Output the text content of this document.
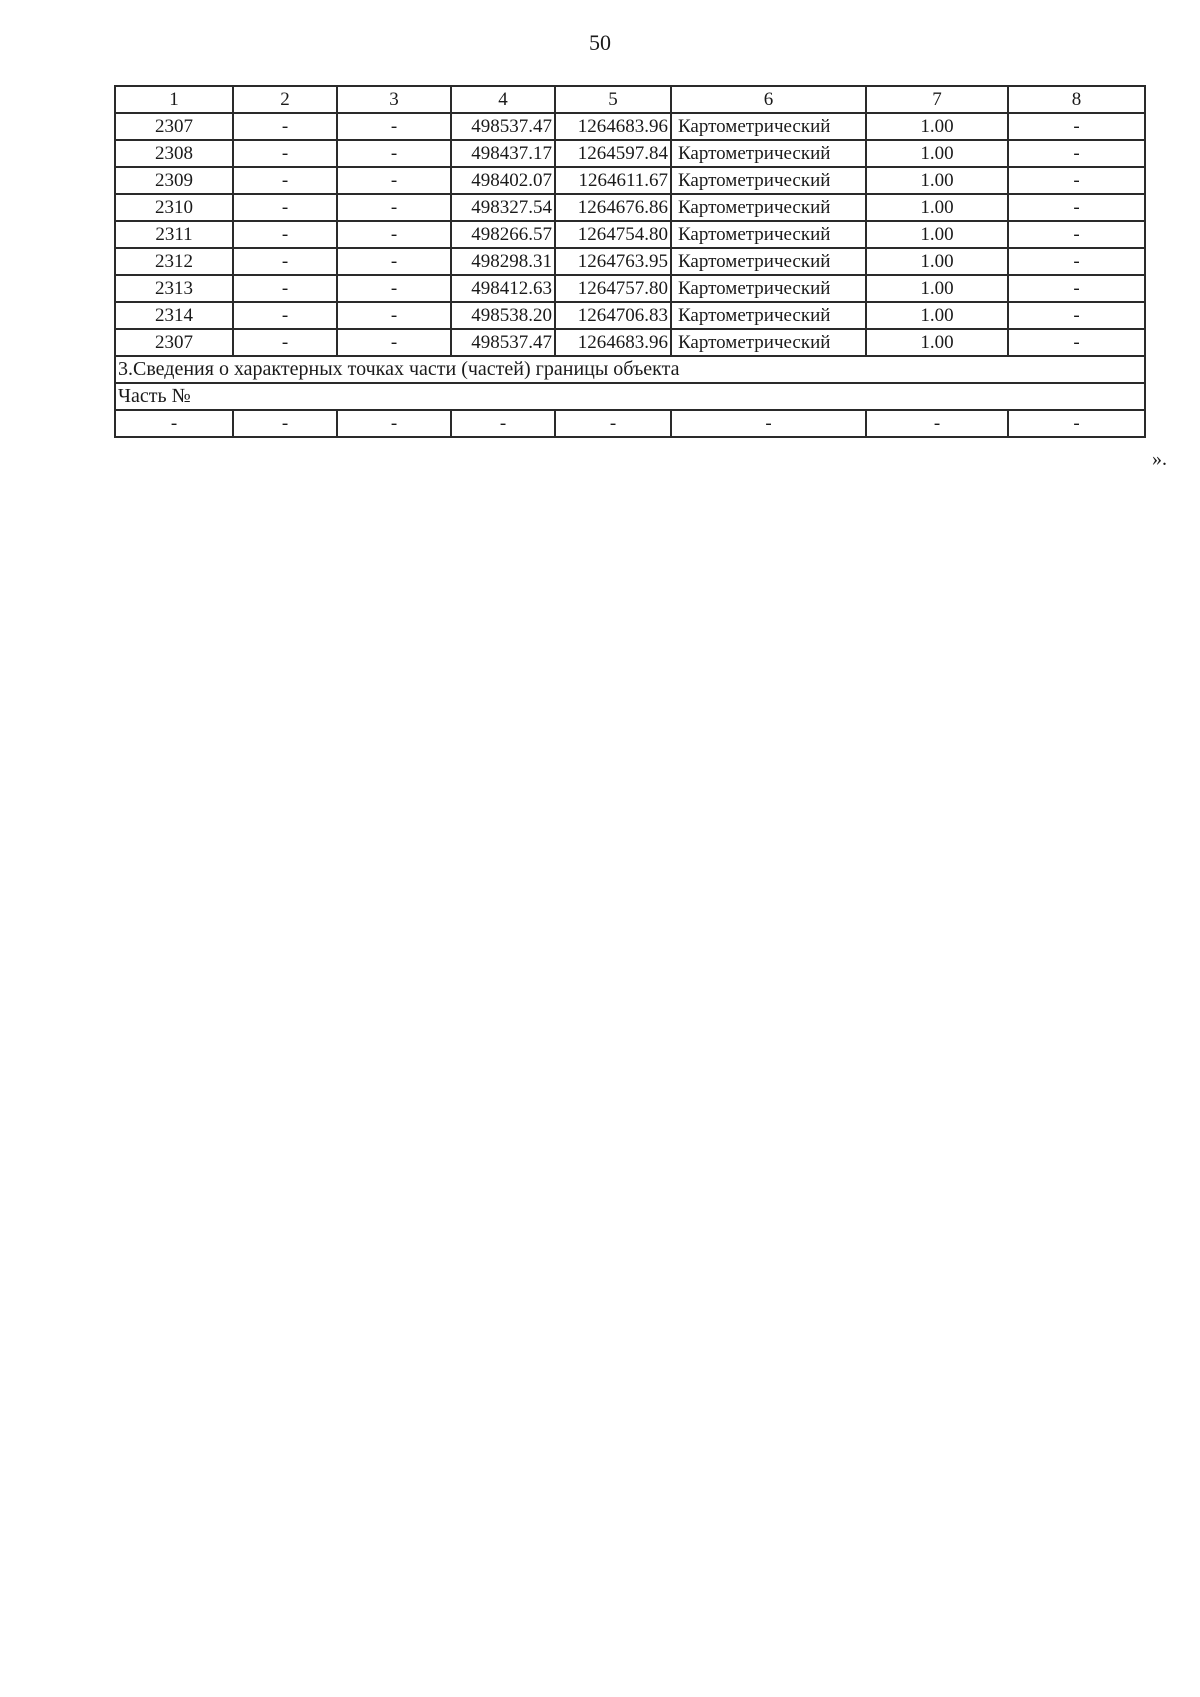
50
1	2	3	4	5	6	7	8
2307	-	-	498537.47	1264683.96	Картометрический	1.00	-
2308	-	-	498437.17	1264597.84	Картометрический	1.00	-
2309	-	-	498402.07	1264611.67	Картометрический	1.00	-
2310	-	-	498327.54	1264676.86	Картометрический	1.00	-
2311	-	-	498266.57	1264754.80	Картометрический	1.00	-
2312	-	-	498298.31	1264763.95	Картометрический	1.00	-
2313	-	-	498412.63	1264757.80	Картометрический	1.00	-
2314	-	-	498538.20	1264706.83	Картометрический	1.00	-
2307	-	-	498537.47	1264683.96	Картометрический	1.00	-
3.Сведения о характерных точках части (частей) границы объекта							
Часть №							
-	-	-	-	-	-	-	-
».
